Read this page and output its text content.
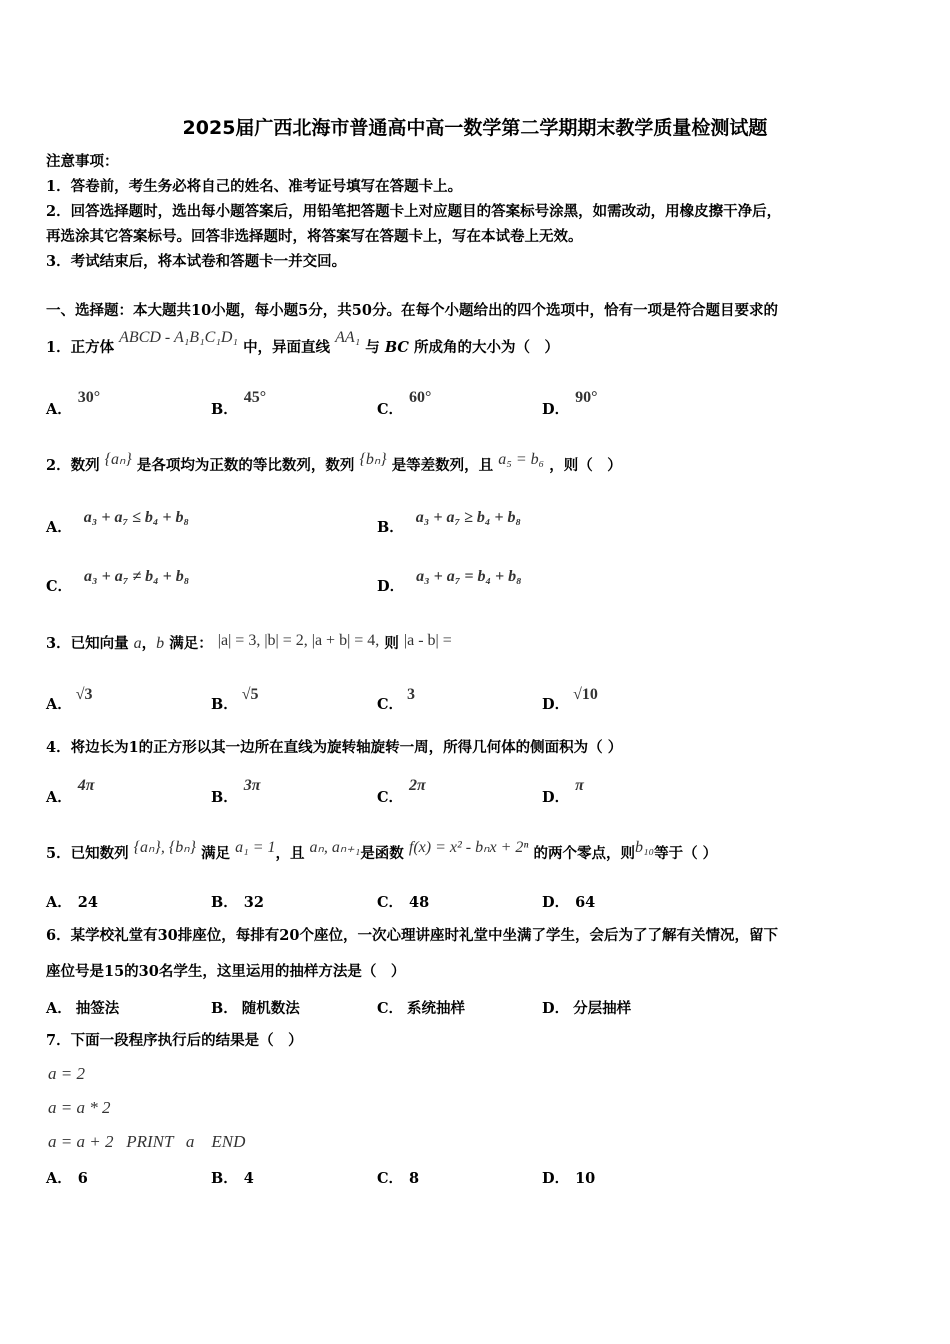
2025届广西北海市普通高中高一数学第二学期期末教学质量检测试题
注意事项：
1．答卷前，考生务必将自己的姓名、准考证号填写在答题卡上。
2．回答选择题时，选出每小题答案后，用铅笔把答题卡上对应题目的答案标号涂黑，如需改动，用橡皮擦干净后，
再选涂其它答案标号。回答非选择题时，将答案写在答题卡上，写在本试卷上无效。
3．考试结束后，将本试卷和答题卡一并交回。
一、选择题：本大题共10小题，每小题5分，共50分。在每个小题给出的四个选项中，恰有一项是符合题目要求的
1．正方体 ABCD - A₁B₁C₁D₁ 中，异面直线 AA₁ 与 BC 所成角的大小为（　）
A．30°
B．45°
C．60°
D．90°
2．数列 {aₙ} 是各项均为正数的等比数列，数列 {bₙ} 是等差数列，且 a₅ = b₆ ，则（　）
A．a₃ + a₇ ≤ b₄ + b₈
B．a₃ + a₇ ≥ b₄ + b₈
C．a₃ + a₇ ≠ b₄ + b₈
D．a₃ + a₇ = b₄ + b₈
3．已知向量 a，b 满足： |a| = 3, |b| = 2, |a + b| = 4, 则 |a - b| =
A．√3
B．√5
C．3
D．√10
4．将边长为1的正方形以其一边所在直线为旋转轴旋转一周，所得几何体的侧面积为（ ）
A．4π
B．3π
C．2π
D．π
5．已知数列 {aₙ}, {bₙ} 满足 a₁ = 1，且 aₙ, aₙ₊₁是函数 f(x) = x² - bₙx + 2ⁿ 的两个零点，则b₁₀等于（ ）
A． 24	B． 32	C． 48	D． 64
6．某学校礼堂有30排座位，每排有20个座位，一次心理讲座时礼堂中坐满了学生，会后为了了解有关情况，留下
座位号是15的30名学生，这里运用的抽样方法是（　）
A． 抽签法	B． 随机数法	C． 系统抽样	D． 分层抽样
7．下面一段程序执行后的结果是（　）
a = 2
a = a * 2
a = a + 2   PRINT   a    END
A． 6	B． 4	C． 8	D． 10
